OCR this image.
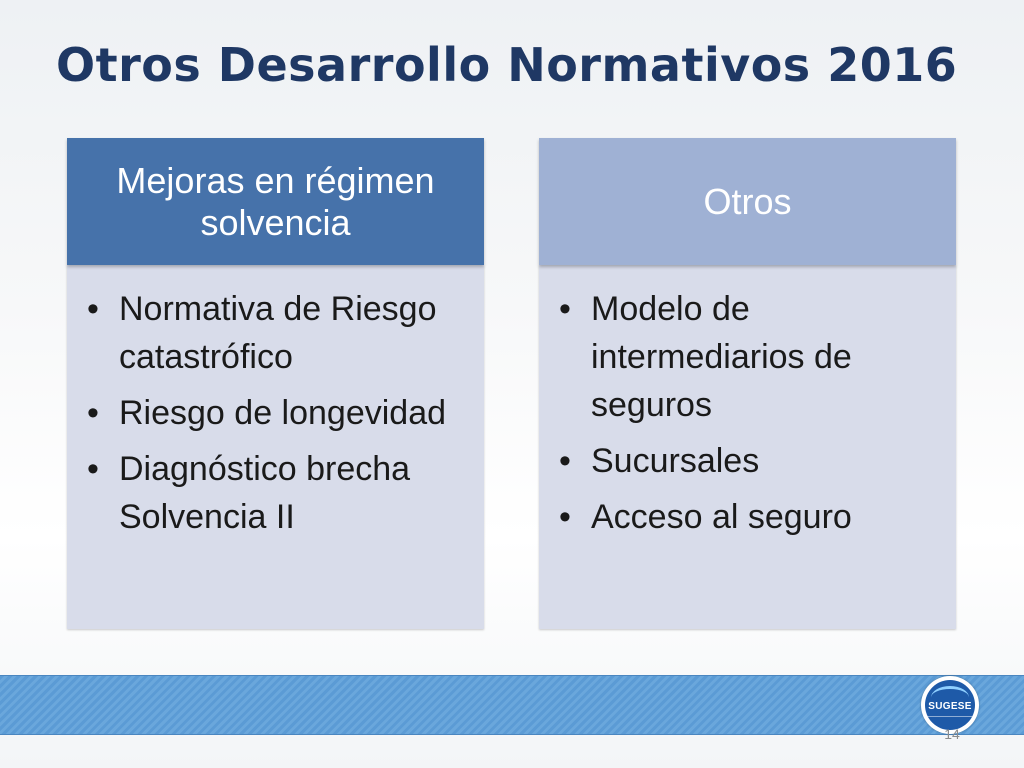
Otros Desarrollo Normativos 2016
Mejoras en régimen solvencia
• Normativa de Riesgo catastrófico
• Riesgo de longevidad
• Diagnóstico brecha Solvencia II
Otros
• Modelo de intermediarios de seguros
• Sucursales
• Acceso al seguro
SUGESE
14
